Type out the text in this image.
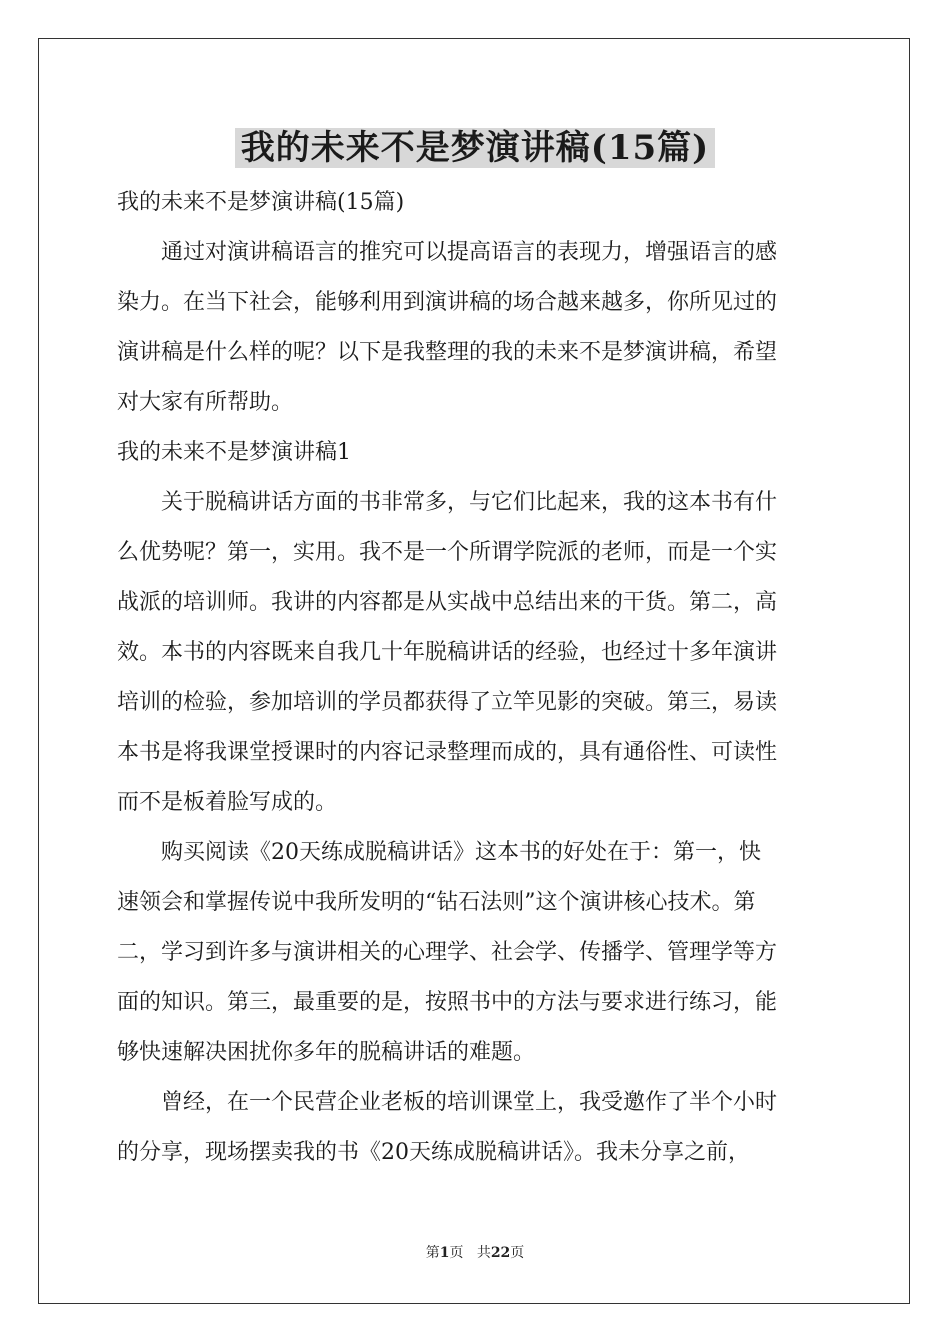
我的未来不是梦演讲稿(15篇)

我的未来不是梦演讲稿(15篇)

通过对演讲稿语言的推究可以提高语言的表现力，增强语言的感

染力。在当下社会，能够利用到演讲稿的场合越来越多，你所见过的

演讲稿是什么样的呢？以下是我整理的我的未来不是梦演讲稿，希望

对大家有所帮助。

我的未来不是梦演讲稿1

关于脱稿讲话方面的书非常多，与它们比起来，我的这本书有什

么优势呢？第一，实用。我不是一个所谓学院派的老师，而是一个实

战派的培训师。我讲的内容都是从实战中总结出来的干货。第二，高

效。本书的内容既来自我几十年脱稿讲话的经验，也经过十多年演讲

培训的检验，参加培训的学员都获得了立竿见影的突破。第三，易读

本书是将我课堂授课时的内容记录整理而成的，具有通俗性、可读性

而不是板着脸写成的。

购买阅读《20天练成脱稿讲话》这本书的好处在于：第一，快

速领会和掌握传说中我所发明的“钻石法则”这个演讲核心技术。第

二，学习到许多与演讲相关的心理学、社会学、传播学、管理学等方

面的知识。第三，最重要的是，按照书中的方法与要求进行练习，能

够快速解决困扰你多年的脱稿讲话的难题。

曾经，在一个民营企业老板的培训课堂上，我受邀作了半个小时

的分享，现场摆卖我的书《20天练成脱稿讲话》。我未分享之前，

第1页 共22页
